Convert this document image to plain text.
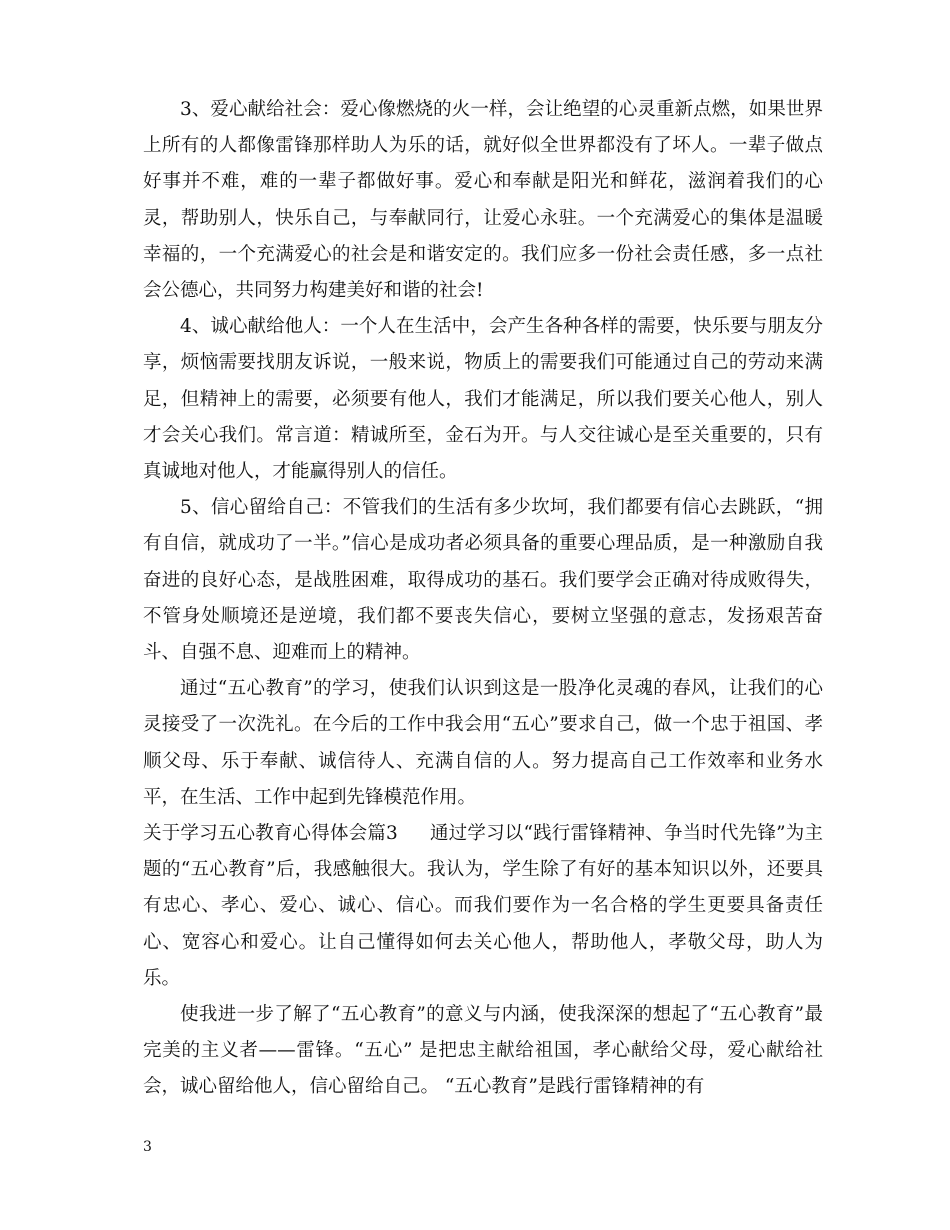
3、爱心献给社会：爱心像燃烧的火一样，会让绝望的心灵重新点燃，如果世界上所有的人都像雷锋那样助人为乐的话，就好似全世界都没有了坏人。一辈子做点好事并不难，难的一辈子都做好事。爱心和奉献是阳光和鲜花，滋润着我们的心灵，帮助别人，快乐自己，与奉献同行，让爱心永驻。一个充满爱心的集体是温暖幸福的，一个充满爱心的社会是和谐安定的。我们应多一份社会责任感，多一点社会公德心，共同努力构建美好和谐的社会!

4、诚心献给他人：一个人在生活中，会产生各种各样的需要，快乐要与朋友分享，烦恼需要找朋友诉说，一般来说，物质上的需要我们可能通过自己的劳动来满足，但精神上的需要，必须要有他人，我们才能满足，所以我们要关心他人，别人才会关心我们。常言道：精诚所至，金石为开。与人交往诚心是至关重要的，只有真诚地对他人，才能赢得别人的信任。

5、信心留给自己：不管我们的生活有多少坎坷，我们都要有信心去跳跃，“拥有自信，就成功了一半。”信心是成功者必须具备的重要心理品质，是一种激励自我奋进的良好心态，是战胜困难，取得成功的基石。我们要学会正确对待成败得失，不管身处顺境还是逆境，我们都不要丧失信心，要树立坚强的意志，发扬艰苦奋斗、自强不息、迎难而上的精神。

通过“五心教育”的学习，使我们认识到这是一股净化灵魂的春风，让我们的心灵接受了一次洗礼。在今后的工作中我会用“五心”要求自己，做一个忠于祖国、孝顺父母、乐于奉献、诚信待人、充满自信的人。努力提高自己工作效率和业务水平，在生活、工作中起到先锋模范作用。

关于学习五心教育心得体会篇3 通过学习以“践行雷锋精神、争当时代先锋”为主题的“五心教育”后，我感触很大。我认为，学生除了有好的基本知识以外，还要具有忠心、孝心、爱心、诚心、信心。而我们要作为一名合格的学生更要具备责任心、宽容心和爱心。让自己懂得如何去关心他人，帮助他人，孝敬父母，助人为乐。

使我进一步了解了“五心教育”的意义与内涵，使我深深的想起了“五心教育”最完美的主义者——雷锋。“五心” 是把忠主献给祖国，孝心献给父母，爱心献给社会，诚心留给他人，信心留给自己。 “五心教育”是践行雷锋精神的有

3
